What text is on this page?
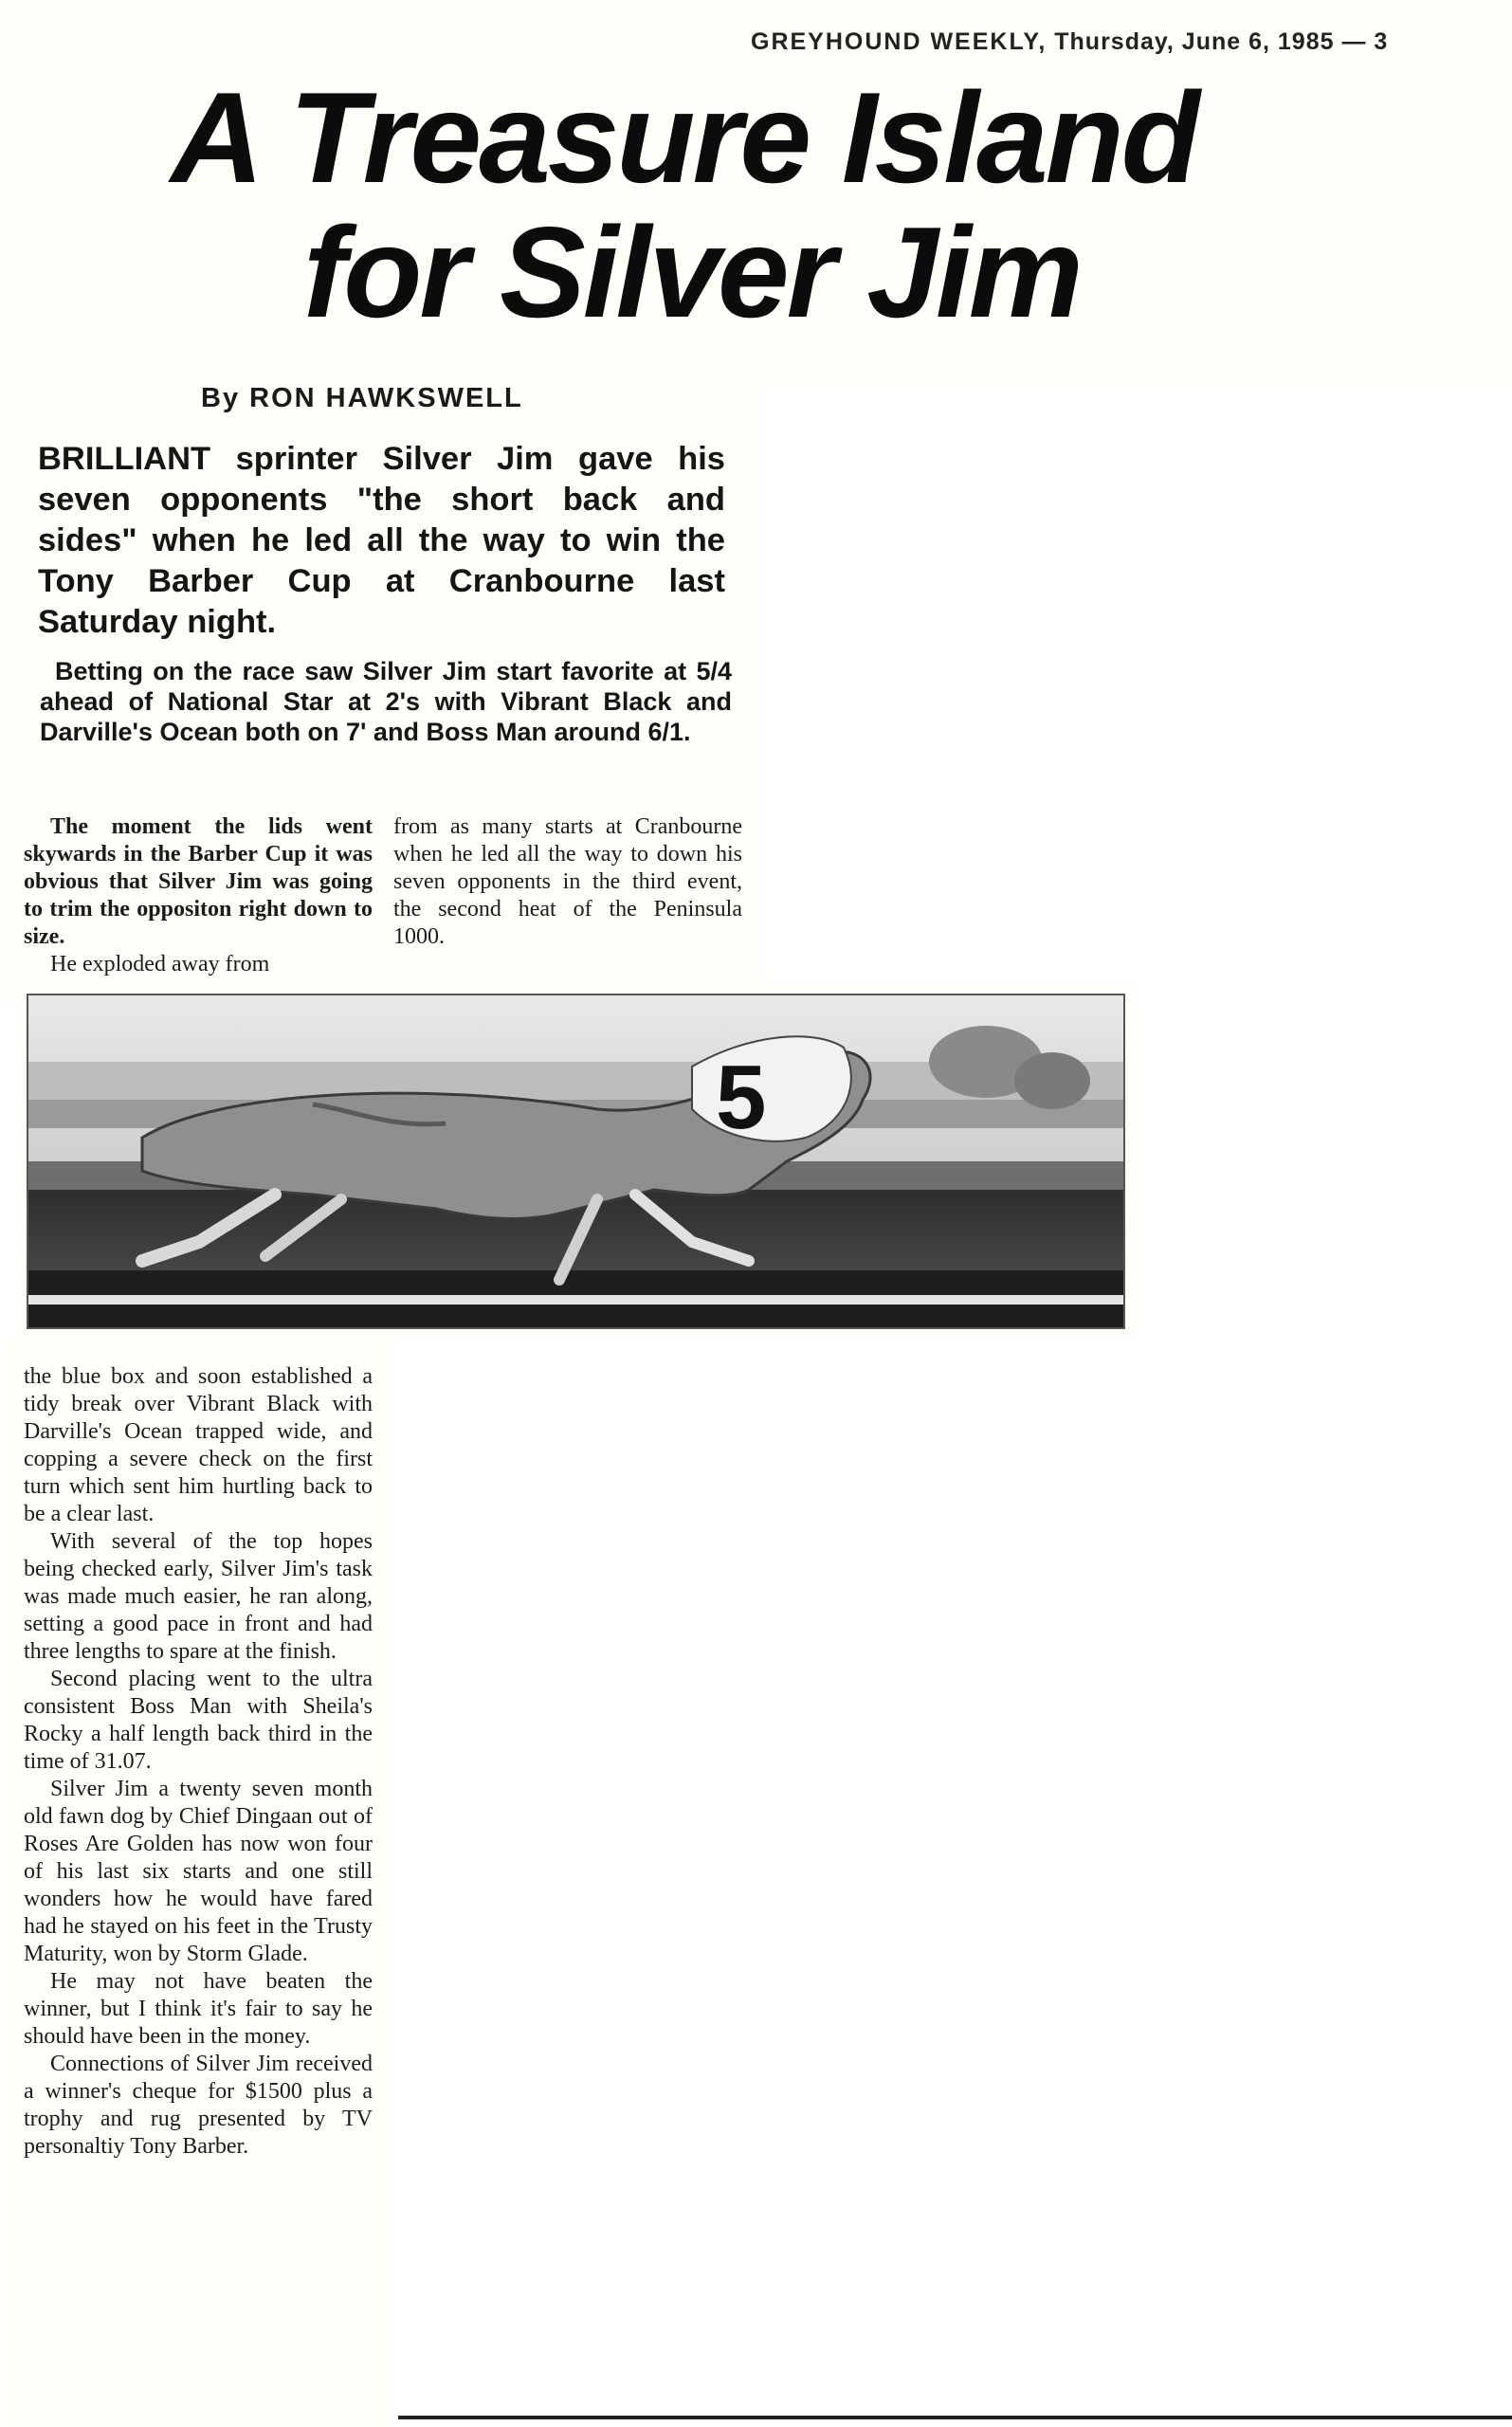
GREYHOUND WEEKLY, Thursday, June 6, 1985 — 3
A Treasure Island
for Silver Jim
By RON HAWKSWELL

BRILLIANT sprinter Silver Jim gave his seven opponents "the short back and sides" when he led all the way to win the Tony Barber Cup at Cranbourne last Saturday night.

Betting on the race saw Silver Jim start favorite at 5/4 ahead of National Star at 2's with Vibrant Black and Darville's Ocean both on 7' and Boss Man around 6/1.

The moment the lids went skywards in the Barber Cup it was obvious that Silver Jim was going to trim the oppositon right down to size.

He exploded away from

from as many starts at Cranbourne when he led all the way to down his seven opponents in the third event, the second heat of the Peninsula 1000.

5

the blue box and soon established a tidy break over Vibrant Black with Darville's Ocean trapped wide, and copping a severe check on the first turn which sent him hurtling back to be a clear last.

With several of the top hopes being checked early, Silver Jim's task was made much easier, he ran along, setting a good pace in front and had three lengths to spare at the finish.

Second placing went to the ultra consistent Boss Man with Sheila's Rocky a half length back third in the time of 31.07.

Silver Jim a twenty seven month old fawn dog by Chief Dingaan out of Roses Are Golden has now won four of his last six starts and one still wonders how he would have fared had he stayed on his feet in the Trusty Maturity, won by Storm Glade.

He may not have beaten the winner, but I think it's fair to say he should have been in the money.

Connections of Silver Jim received a winner's cheque for $1500 plus a trophy and rug presented by TV personaltiy Tony Barber.
